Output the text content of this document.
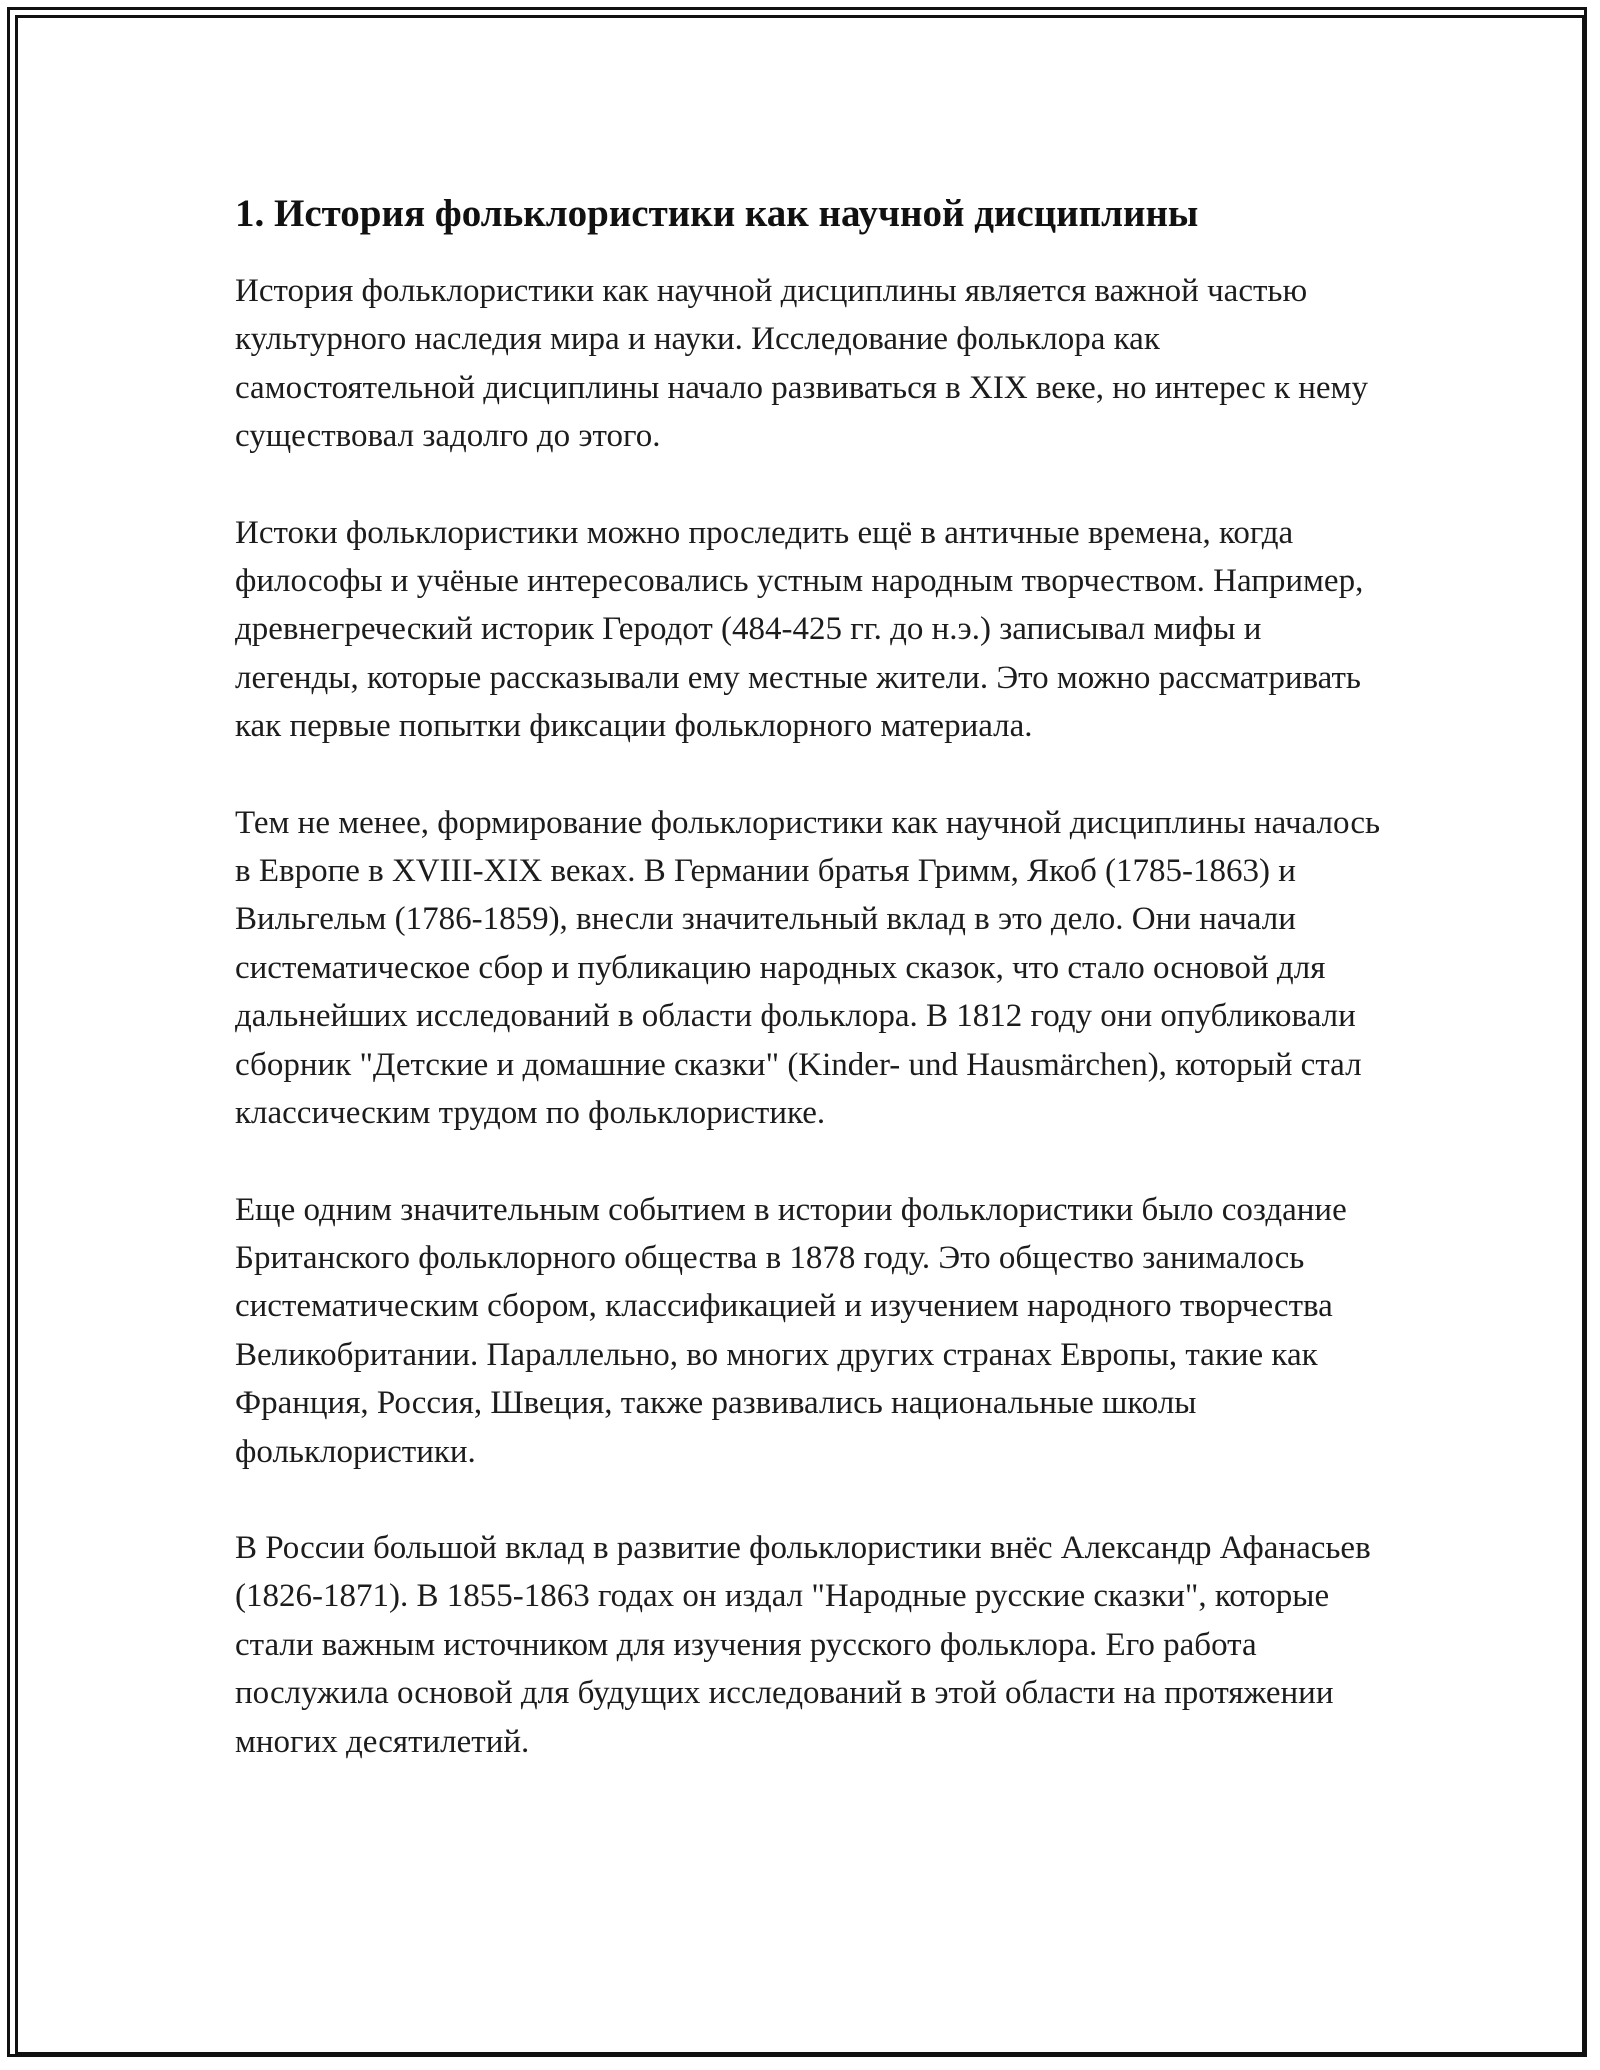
1. История фольклористики как научной дисциплины

История фольклористики как научной дисциплины является важной частью культурного наследия мира и науки. Исследование фольклора как самостоятельной дисциплины начало развиваться в XIX веке, но интерес к нему существовал задолго до этого.

Истоки фольклористики можно проследить ещё в античные времена, когда философы и учёные интересовались устным народным творчеством. Например, древнегреческий историк Геродот (484-425 гг. до н.э.) записывал мифы и легенды, которые рассказывали ему местные жители. Это можно рассматривать как первые попытки фиксации фольклорного материала.

Тем не менее, формирование фольклористики как научной дисциплины началось в Европе в XVIII-XIX веках. В Германии братья Гримм, Якоб (1785-1863) и Вильгельм (1786-1859), внесли значительный вклад в это дело. Они начали систематическое сбор и публикацию народных сказок, что стало основой для дальнейших исследований в области фольклора. В 1812 году они опубликовали сборник "Детские и домашние сказки" (Kinder- und Hausmärchen), который стал классическим трудом по фольклористике.

Еще одним значительным событием в истории фольклористики было создание Британского фольклорного общества в 1878 году. Это общество занималось систематическим сбором, классификацией и изучением народного творчества Великобритании. Параллельно, во многих других странах Европы, такие как Франция, Россия, Швеция, также развивались национальные школы фольклористики.

В России большой вклад в развитие фольклористики внёс Александр Афанасьев (1826-1871). В 1855-1863 годах он издал "Народные русские сказки", которые стали важным источником для изучения русского фольклора. Его работа послужила основой для будущих исследований в этой области на протяжении многих десятилетий.
